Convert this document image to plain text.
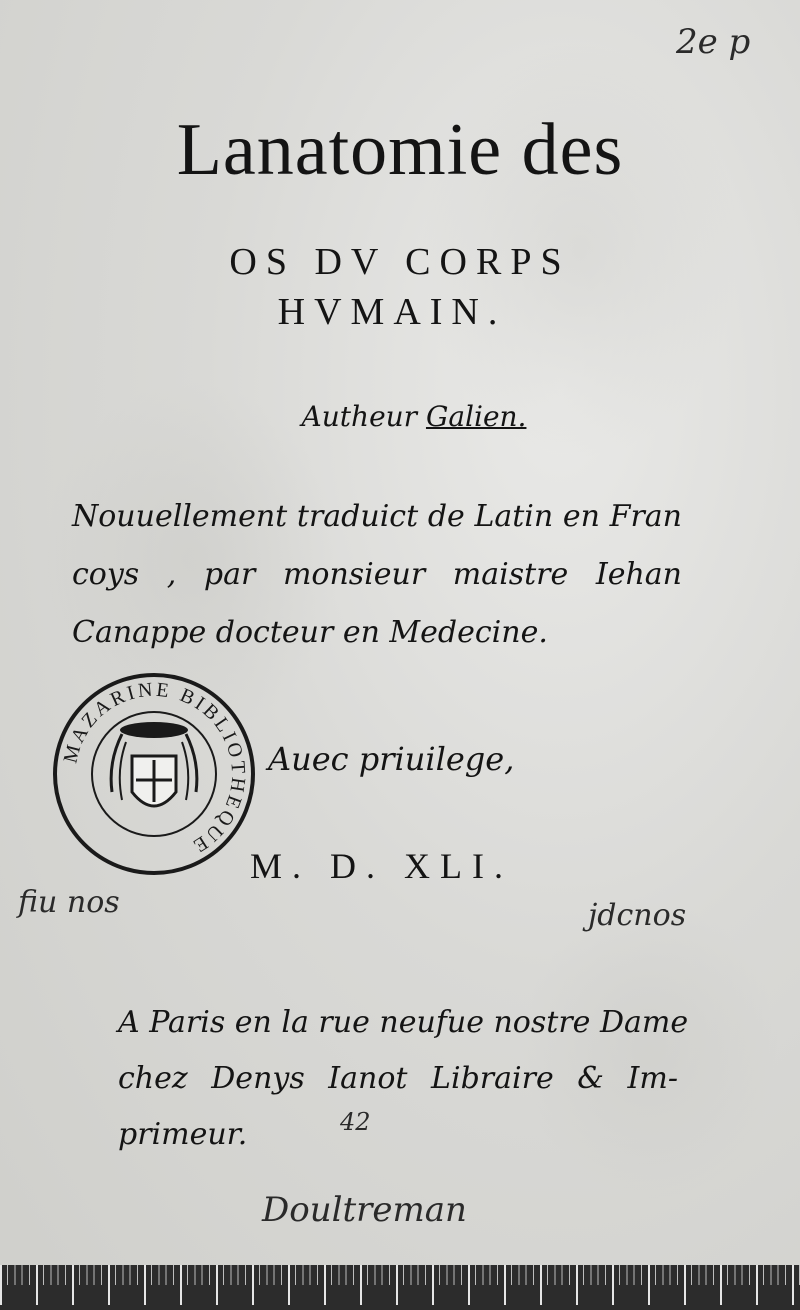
2e p
Lanatomie des
OS DV CORPS
HVMAIN.
Autheur Galien.
Nouuellement traduict de Latin en Fran
coys , par monsieur maistre Iehan
Canappe docteur en Medecine.
MAZARINE BIBLIOTHEQUE
Auec priuilege,
M. D. XLI.
fiu nos	jdcnos
A Paris en la rue neufue nostre Dame
chez Denys Ianot Libraire & Im-
primeur.	42
Doultreman
